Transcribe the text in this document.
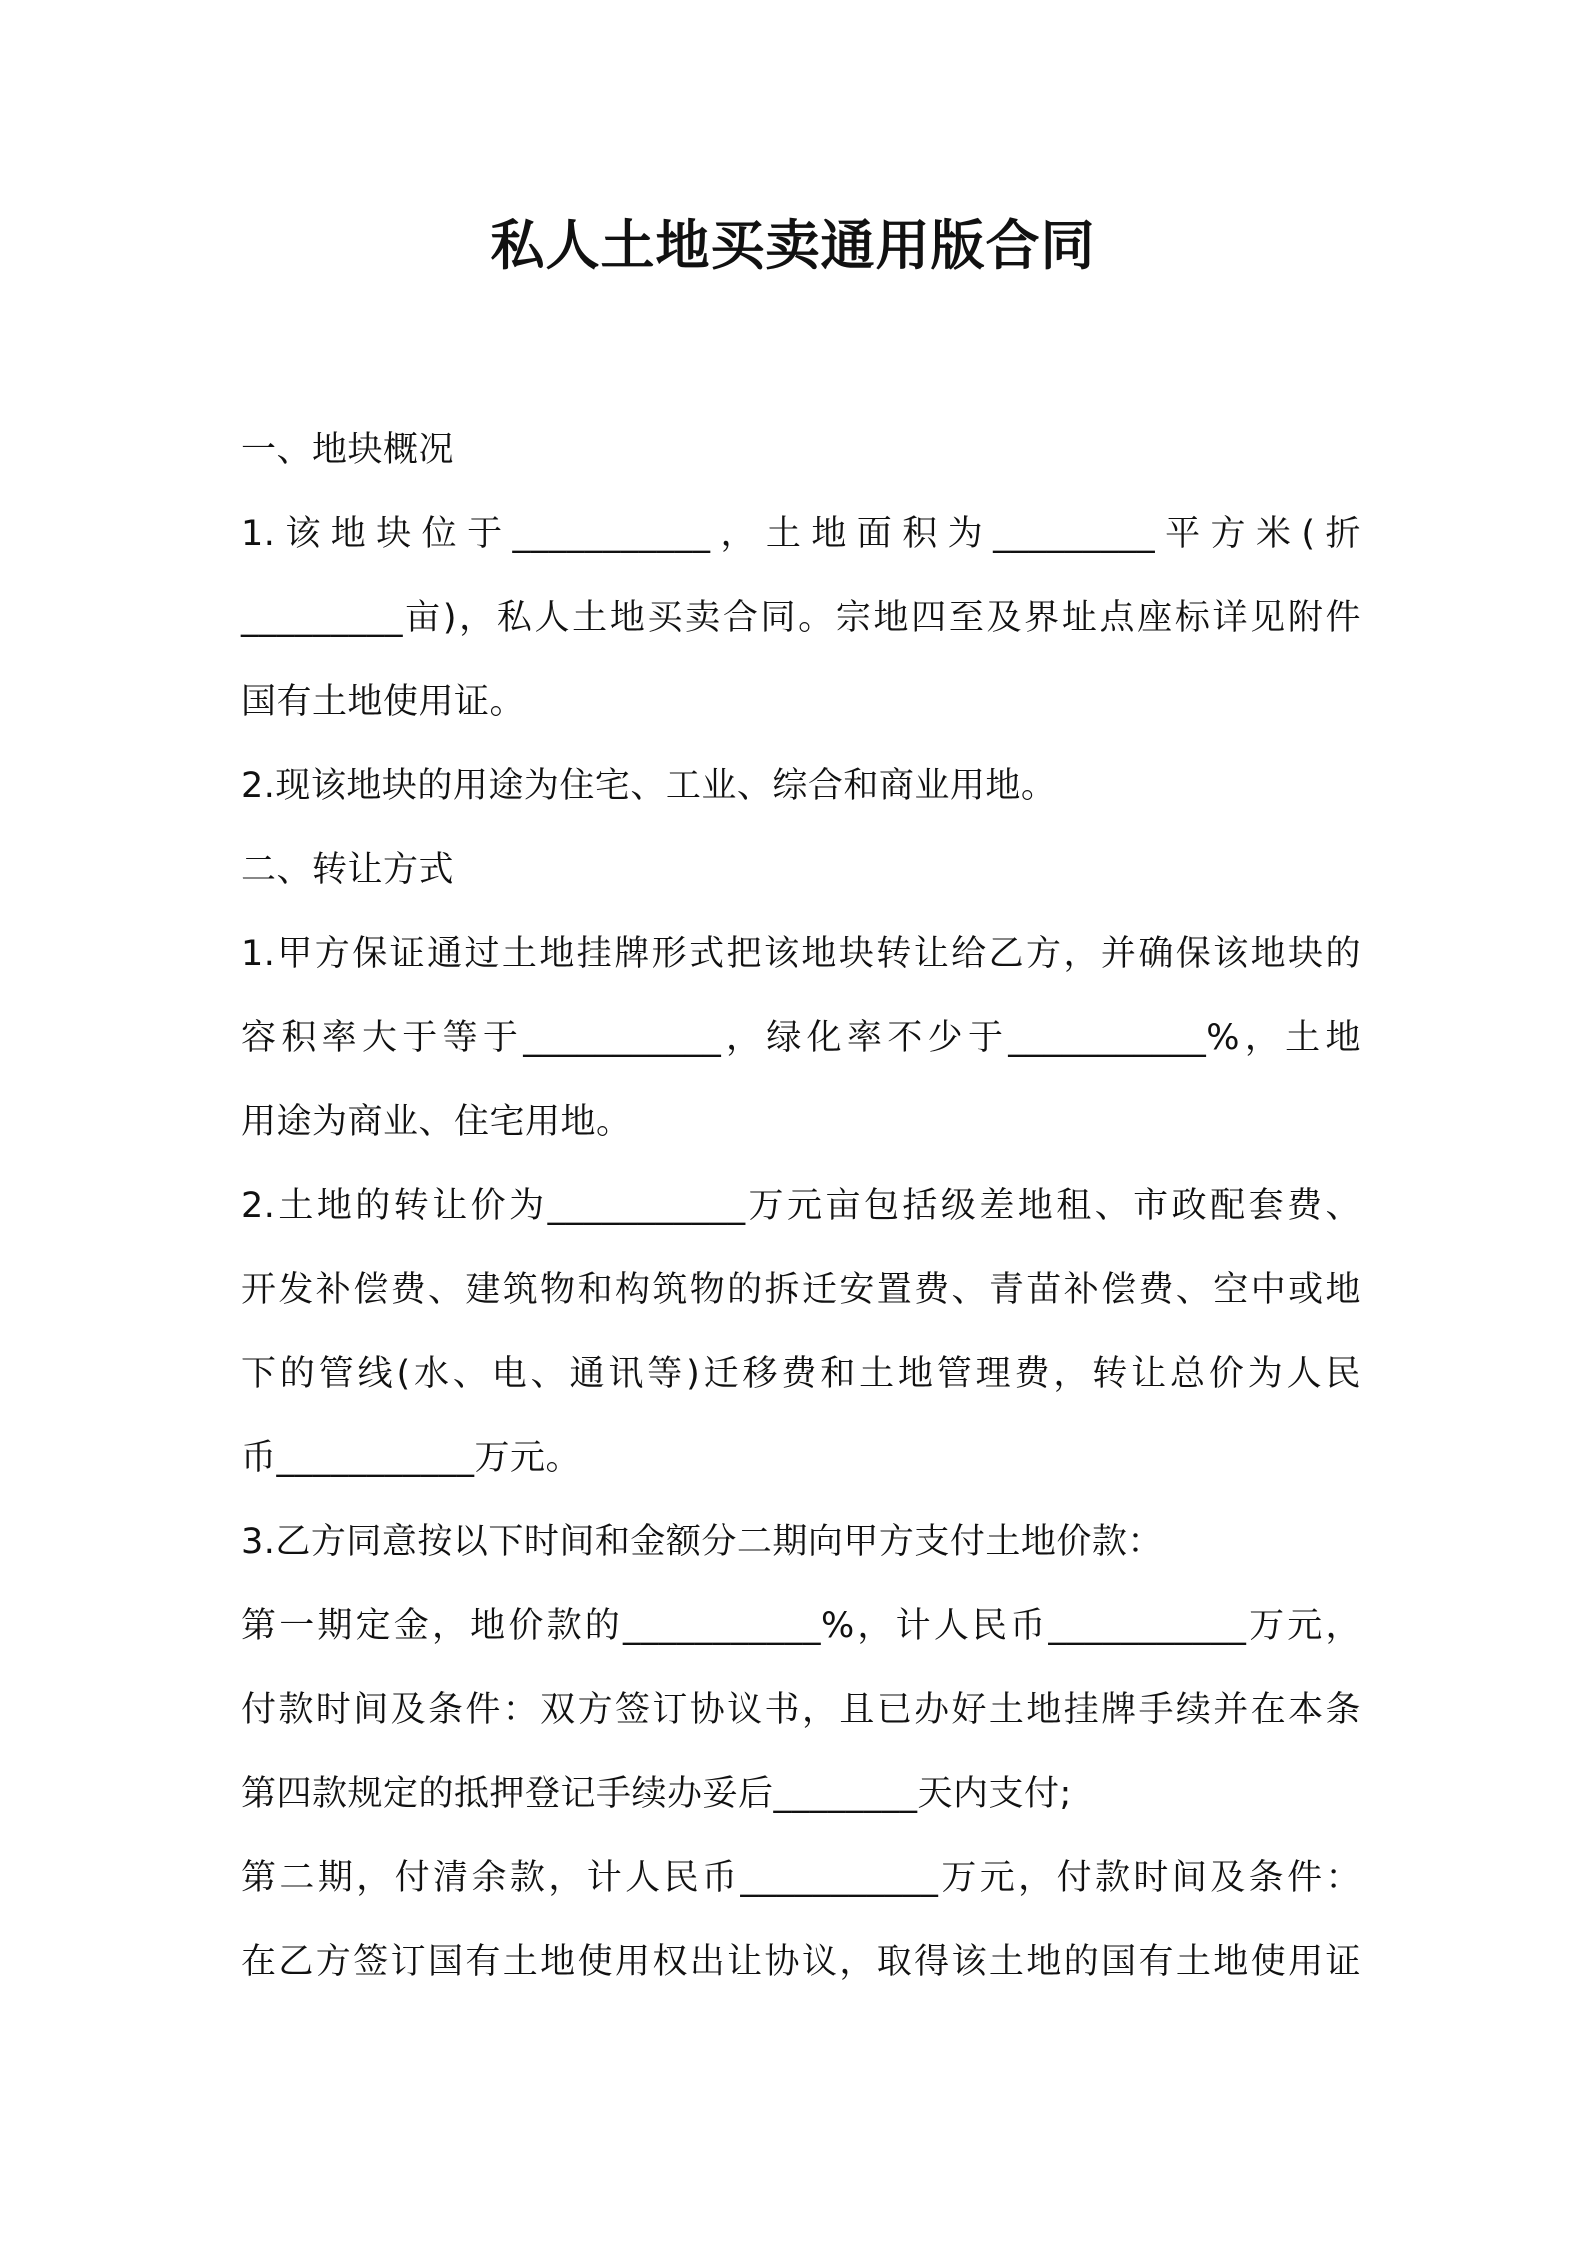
私人土地买卖通用版合同
一、地块概况
1.该地块位于___________，土地面积为_________平方米(折
_________亩)，私人土地买卖合同。宗地四至及界址点座标详见附件
国有土地使用证。
2.现该地块的用途为住宅、工业、综合和商业用地。
二、转让方式
1.甲方保证通过土地挂牌形式把该地块转让给乙方，并确保该地块的
容积率大于等于___________，绿化率不少于___________%，土地
用途为商业、住宅用地。
2.土地的转让价为___________万元亩包括级差地租、市政配套费、
开发补偿费、建筑物和构筑物的拆迁安置费、青苗补偿费、空中或地
下的管线(水、电、通讯等)迁移费和土地管理费，转让总价为人民
币___________万元。
3.乙方同意按以下时间和金额分二期向甲方支付土地价款：
第一期定金，地价款的___________%，计人民币___________万元，
付款时间及条件：双方签订协议书，且已办好土地挂牌手续并在本条
第四款规定的抵押登记手续办妥后________天内支付;
第二期，付清余款，计人民币___________万元，付款时间及条件：
在乙方签订国有土地使用权出让协议，取得该土地的国有土地使用证
